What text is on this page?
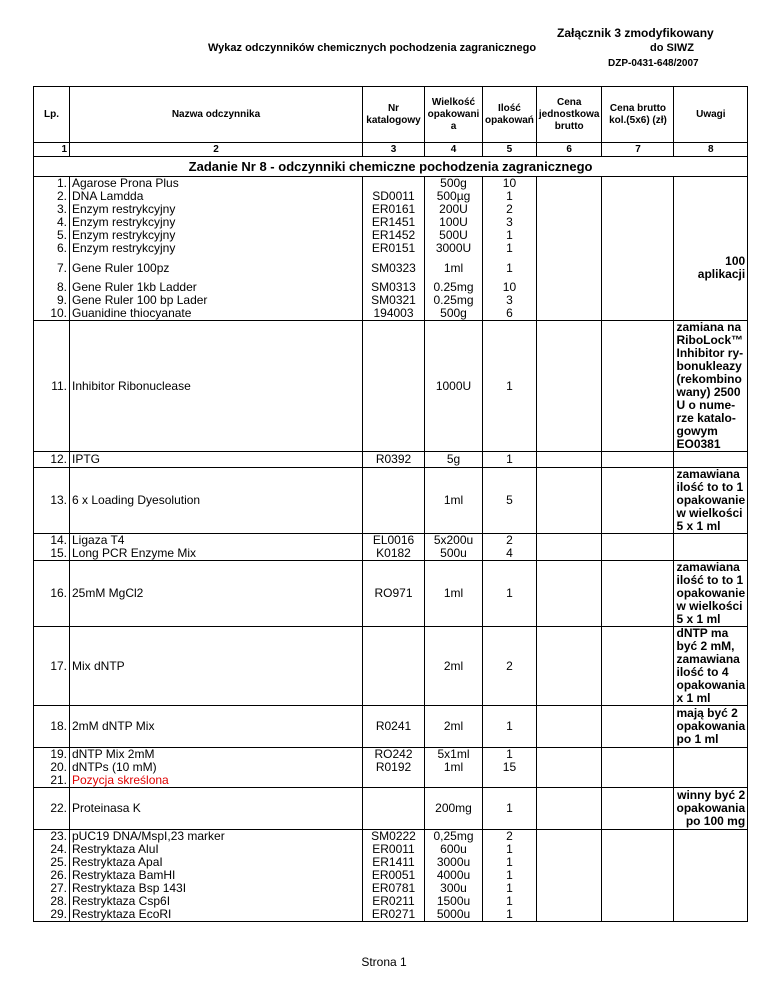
Załącznik 3 zmodyfikowany
Wykaz odczynników chemicznych pochodzenia zagranicznego	do SIWZ
DZP-0431-648/2007
Lp.	Nazwa odczynnika	Nr
katalogowy	Wielkość
opakowani
a	Ilość
opakowań	Cena
jednostkowa
brutto	Cena brutto
kol.(5x6) (zł)	Uwagi
1	2	3	4	5	6	7	8
Zadanie Nr 8 - odczynniki chemiczne pochodzenia zagranicznego							
1.	Agarose Prona Plus		500g	10			
2.	DNA Lamdda	SD0011	500µg	1			
3.	Enzym restrykcyjny	ER0161	200U	2			
4.	Enzym restrykcyjny	ER1451	100U	3			
5.	Enzym restrykcyjny	ER1452	500U	1			
6.	Enzym restrykcyjny	ER0151	3000U	1			
7.	Gene Ruler 100pz	SM0323	1ml	1			100 aplikacji
8.	Gene Ruler 1kb Ladder	SM0313	0.25mg	10			
9.	Gene Ruler 100 bp Lader	SM0321	0.25mg	3			
10.	Guanidine thiocyanate	194003	500g	6			
11.	Inhibitor Ribonuclease		1000U	1			zamiana na RiboLock™ Inhibitor ry-bonukleazy (rekombino wany) 2500 U o nume-rze katalo-gowym EO0381
12.	IPTG	R0392	5g	1			
13.	6 x Loading Dyesolution		1ml	5			zamawiana ilość to to 1 opakowanie w wielkości 5 x 1 ml
14.	Ligaza T4	EL0016	5x200u	2			
15.	Long PCR Enzyme Mix	K0182	500u	4			
16.	25mM MgCl2	RO971	1ml	1			zamawiana ilość to to 1 opakowanie w wielkości 5 x 1 ml
17.	Mix dNTP		2ml	2			dNTP ma być 2 mM, zamawiana ilość to 4 opakowania x 1 ml
18.	2mM dNTP Mix	R0241	2ml	1			mają być 2 opakowania po 1 ml
19.	dNTP Mix 2mM	RO242	5x1ml	1			
20.	dNTPs (10 mM)	R0192	1ml	15			
21.	Pozycja skreślona						
22.	Proteinasa K		200mg	1			winny być 2 opakowania po 100 mg
23.	pUC19 DNA/MspI,23 marker	SM0222	0,25mg	2			
24.	Restryktaza AluI	ER0011	600u	1			
25.	Restryktaza ApaI	ER1411	3000u	1			
26.	Restryktaza BamHI	ER0051	4000u	1			
27.	Restryktaza Bsp 143I	ER0781	300u	1			
28.	Restryktaza Csp6I	ER0211	1500u	1			
29.	Restryktaza EcoRI	ER0271	5000u	1			
Strona 1
